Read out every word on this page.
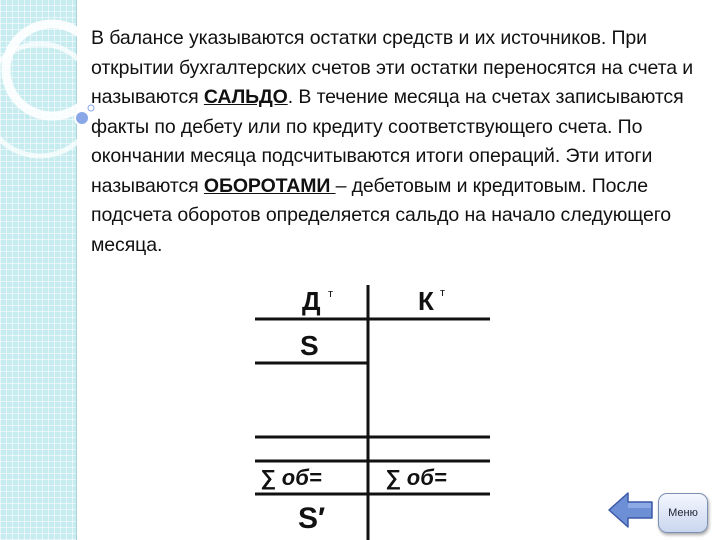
В балансе указываются остатки средств и их источников. При открытии бухгалтерских счетов эти остатки переносятся на счета и называются САЛЬДО. В течение месяца на счетах записываются факты по дебету или по кредиту соответствующего счета. По окончании месяца подсчитываются итоги операций. Эти итоги называются ОБОРОТАМИ – дебетовым и кредитовым. После подсчета оборотов определяется сальдо на начало следующего месяца.
Д т	К т
S
∑ об=	∑ об=
S′	Меню
